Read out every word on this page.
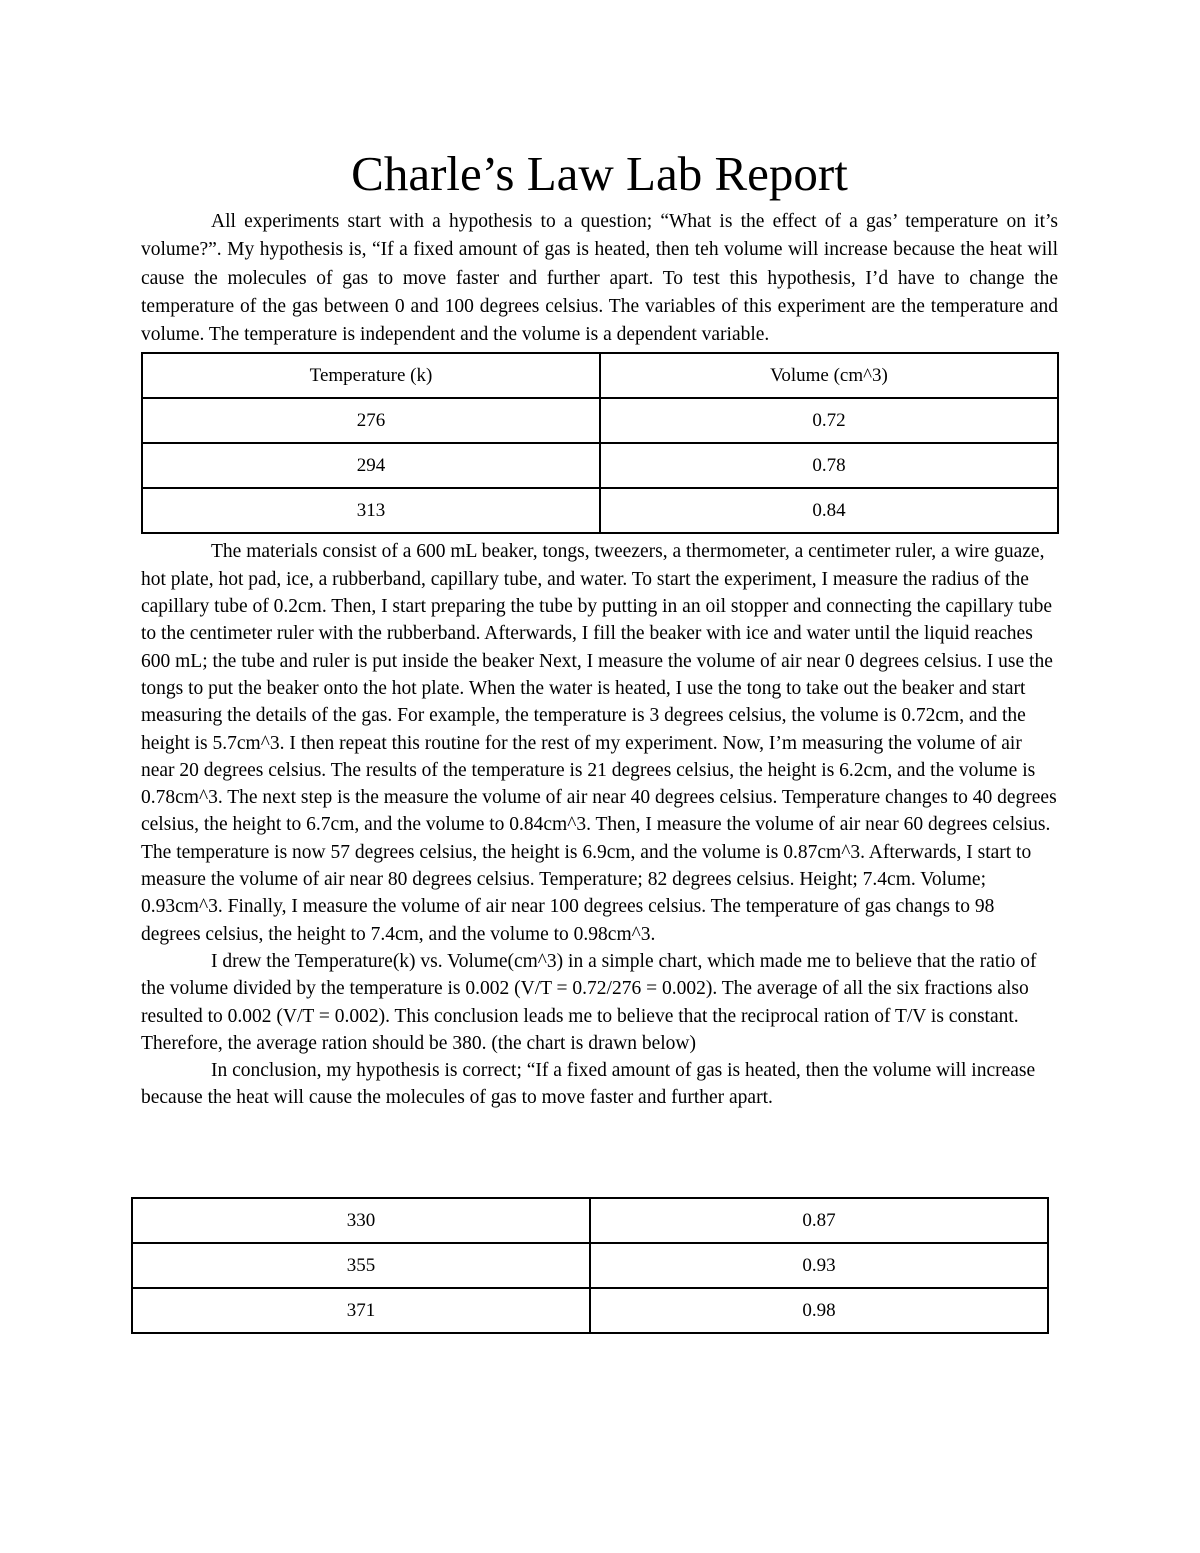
Charle’s Law Lab Report

All experiments start with a hypothesis to a question; “What is the effect of a gas’ temperature on it’s volume?”. My hypothesis is, “If a fixed amount of gas is heated, then teh volume will increase because the heat will cause the molecules of gas to move faster and further apart. To test this hypothesis, I’d have to change the temperature of the gas between 0 and 100 degrees celsius. The variables of this experiment are the temperature and volume. The temperature is independent and the volume is a dependent variable.

Temperature (k)	Volume (cm^3)
276	0.72
294	0.78
313	0.84

The materials consist of a 600 mL beaker, tongs, tweezers, a thermometer, a centimeter ruler, a wire guaze, hot plate, hot pad, ice, a rubberband, capillary tube, and water. To start the experiment, I measure the radius of the capillary tube of 0.2cm. Then, I start preparing the tube by putting in an oil stopper and connecting the capillary tube to the centimeter ruler with the rubberband. Afterwards, I fill the beaker with ice and water until the liquid reaches 600 mL; the tube and ruler is put inside the beaker Next, I measure the volume of air near 0 degrees celsius. I use the tongs to put the beaker onto the hot plate. When the water is heated, I use the tong to take out the beaker and start measuring the details of the gas. For example, the temperature is 3 degrees celsius, the volume is 0.72cm, and the height is 5.7cm^3. I then repeat this routine for the rest of my experiment. Now, I’m measuring the volume of air near 20 degrees celsius. The results of the temperature is 21 degrees celsius, the height is 6.2cm, and the volume is 0.78cm^3. The next step is the measure the volume of air near 40 degrees celsius. Temperature changes to 40 degrees celsius, the height to 6.7cm, and the volume to 0.84cm^3. Then, I measure the volume of air near 60 degrees celsius. The temperature is now 57 degrees celsius, the height is 6.9cm, and the volume is 0.87cm^3. Afterwards, I start to measure the volume of air near 80 degrees celsius. Temperature; 82 degrees celsius. Height; 7.4cm. Volume; 0.93cm^3. Finally, I measure the volume of air near 100 degrees celsius. The temperature of gas changs to 98 degrees celsius, the height to 7.4cm, and the volume to 0.98cm^3.

I drew the Temperature(k) vs. Volume(cm^3) in a simple chart, which made me to believe that the ratio of the volume divided by the temperature is 0.002 (V/T = 0.72/276 = 0.002). The average of all the six fractions also resulted to 0.002 (V/T = 0.002). This conclusion leads me to believe that the reciprocal ration of T/V is constant. Therefore, the average ration should be 380. (the chart is drawn below)

In conclusion, my hypothesis is correct; “If a fixed amount of gas is heated, then the volume will increase because the heat will cause the molecules of gas to move faster and further apart.

330	0.87
355	0.93
371	0.98
